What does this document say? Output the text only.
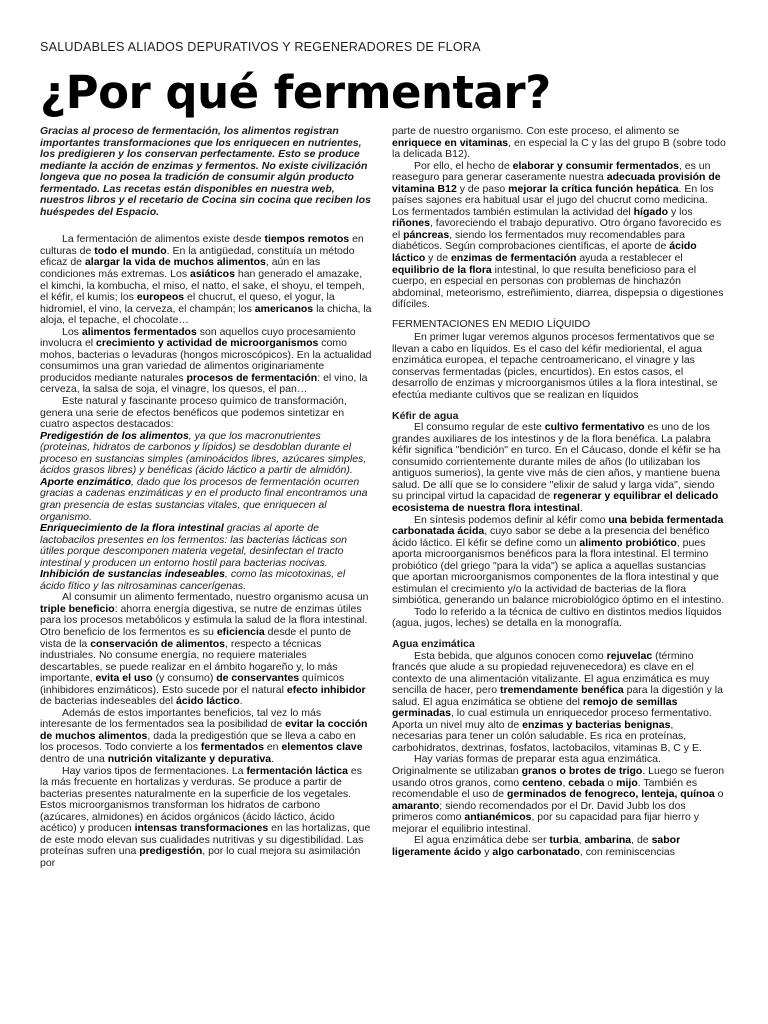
SALUDABLES ALIADOS DEPURATIVOS Y REGENERADORES DE FLORA
¿Por qué fermentar?

Gracias al proceso de fermentación, los alimentos registran importantes transformaciones que los enriquecen en nutrientes, los predigieren y los conservan perfectamente. Esto se produce mediante la acción de enzimas y fermentos. No existe civilización longeva que no posea la tradición de consumir algún producto fermentado. Las recetas están disponibles en nuestra web, nuestros libros y el recetario de Cocina sin cocina que reciben los huéspedes del Espacio.

La fermentación de alimentos existe desde tiempos remotos en culturas de todo el mundo. En la antigüedad, constituía un método eficaz de alargar la vida de muchos alimentos, aún en las condiciones más extremas. Los asiáticos han generado el amazake, el kimchi, la kombucha, el miso, el natto, el sake, el shoyu, el tempeh, el kéfir, el kumis; los europeos el chucrut, el queso, el yogur, la hidromiel, el vino, la cerveza, el champán; los americanos la chicha, la aloja, el tepache, el chocolate…

Los alimentos fermentados son aquellos cuyo procesamiento involucra el crecimiento y actividad de microorganismos como mohos, bacterias o levaduras (hongos microscópicos). En la actualidad consumimos una gran variedad de alimentos originariamente producidos mediante naturales procesos de fermentación: el vino, la cerveza, la salsa de soja, el vinagre, los quesos, el pan…

Este natural y fascinante proceso químico de transformación, genera una serie de efectos benéficos que podemos sintetizar en cuatro aspectos destacados:

Predigestión de los alimentos, ya que los macronutrientes (proteínas, hidratos de carbonos y lípidos) se desdoblan durante el proceso en sustancias simples (aminoácidos libres, azúcares simples, ácidos grasos libres) y benéficas (ácido láctico a partir de almidón).

Aporte enzimático, dado que los procesos de fermentación ocurren gracias a cadenas enzimáticas y en el producto final encontramos una gran presencia de estas sustancias vitales, que enriquecen al organismo.

Enriquecimiento de la flora intestinal gracias al aporte de lactobacilos presentes en los fermentos: las bacterias lácticas son útiles porque descomponen materia vegetal, desinfectan el tracto intestinal y producen un entorno hostil para bacterias nocivas.

Inhibición de sustancias indeseables, como las micotoxinas, el ácido fítico y las nitrosaminas cancerígenas.

Al consumir un alimento fermentado, nuestro organismo acusa un triple beneficio: ahorra energía digestiva, se nutre de enzimas útiles para los procesos metabólicos y estimula la salud de la flora intestinal. Otro beneficio de los fermentos es su eficiencia desde el punto de vista de la conservación de alimentos, respecto a técnicas industriales. No consume energía, no requiere materiales descartables, se puede realizar en el ámbito hogareño y, lo más importante, evita el uso (y consumo) de conservantes químicos (inhibidores enzimáticos). Esto sucede por el natural efecto inhibidor de bacterias indeseables del ácido láctico.

Además de estos importantes beneficios, tal vez lo más interesante de los fermentados sea la posibilidad de evitar la cocción de muchos alimentos, dada la predigestión que se lleva a cabo en los procesos. Todo convierte a los fermentados en elementos clave dentro de una nutrición vitalizante y depurativa.

Hay varios tipos de fermentaciones. La fermentación láctica es la más frecuente en hortalizas y verduras. Se produce a partir de bacterias presentes naturalmente en la superficie de los vegetales. Estos microorganismos transforman los hidratos de carbono (azúcares, almidones) en ácidos orgánicos (ácido láctico, ácido acético) y producen intensas transformaciones en las hortalizas, que de este modo elevan sus cualidades nutritivas y su digestibilidad. Las proteínas sufren una predigestión, por lo cual mejora su asimilación por

parte de nuestro organismo. Con este proceso, el alimento se enriquece en vitaminas, en especial la C y las del grupo B (sobre todo la delicada B12).

Por ello, el hecho de elaborar y consumir fermentados, es un reaseguro para generar caseramente nuestra adecuada provisión de vitamina B12 y de paso mejorar la crítica función hepática. En los países sajones era habitual usar el jugo del chucrut como medicina. Los fermentados también estimulan la actividad del hígado y los riñones, favoreciendo el trabajo depurativo. Otro órgano favorecido es el páncreas, siendo los fermentados muy recomendables para diabéticos. Según comprobaciones científicas, el aporte de ácido láctico y de enzimas de fermentación ayuda a restablecer el equilibrio de la flora intestinal, lo que resulta beneficioso para el cuerpo, en especial en personas con problemas de hinchazón abdominal, meteorismo, estreñimiento, diarrea, dispepsia o digestiones difíciles.

FERMENTACIONES EN MEDIO LÍQUIDO

En primer lugar veremos algunos procesos fermentativos que se llevan a cabo en líquidos. Es el caso del kéfir medioriental, el agua enzimática europea, el tepache centroamericano, el vinagre y las conservas fermentadas (picles, encurtidos). En estos casos, el desarrollo de enzimas y microorganismos útiles a la flora intestinal, se efectúa mediante cultivos que se realizan en líquidos

Kéfir de agua

El consumo regular de este cultivo fermentativo es uno de los grandes auxiliares de los intestinos y de la flora benéfica. La palabra kéfir significa "bendición" en turco. En el Cáucaso, donde el kéfir se ha consumido corrientemente durante miles de años (lo utilizaban los antiguos sumerios), la gente vive más de cien años, y mantiene buena salud. De allí que se lo considere "elixir de salud y larga vida", siendo su principal virtud la capacidad de regenerar y equilibrar el delicado ecosistema de nuestra flora intestinal.

En síntesis podemos definir al kéfir como una bebida fermentada carbonatada ácida, cuyo sabor se debe a la presencia del benéfico ácido láctico. El kéfir se define como un alimento probiótico, pues aporta microorganismos benéficos para la flora intestinal. El termino probiótico (del griego "para la vida") se aplica a aquellas sustancias que aportan microorganismos componentes de la flora intestinal y que estimulan el crecimiento y/o la actividad de bacterias de la flora simbiótica, generando un balance microbiológico óptimo en el intestino.

Todo lo referido a la técnica de cultivo en distintos medios líquidos (agua, jugos, leches) se detalla en la monografía.

Agua enzimática

Esta bebida, que algunos conocen como rejuvelac (término francés que alude a su propiedad rejuvenecedora) es clave en el contexto de una alimentación vitalizante. El agua enzimática es muy sencilla de hacer, pero tremendamente benéfica para la digestión y la salud. El agua enzimática se obtiene del remojo de semillas germinadas, lo cual estimula un enriquecedor proceso fermentativo. Aporta un nivel muy alto de enzimas y bacterias benignas, necesarias para tener un colón saludable. Es rica en proteínas, carbohidratos, dextrinas, fosfatos, lactobacilos, vitaminas B, C y E.

Hay varias formas de preparar esta agua enzimática. Originalmente se utilizaban granos o brotes de trigo. Luego se fueron usando otros granos, como centeno, cebada o mijo. También es recomendable el uso de germinados de fenogreco, lenteja, quínoa o amaranto; siendo recomendados por el Dr. David Jubb los dos primeros como antianémicos, por su capacidad para fijar hierro y mejorar el equilibrio intestinal.

El agua enzimática debe ser turbia, ambarina, de sabor ligeramente ácido y algo carbonatado, con reminiscencias
